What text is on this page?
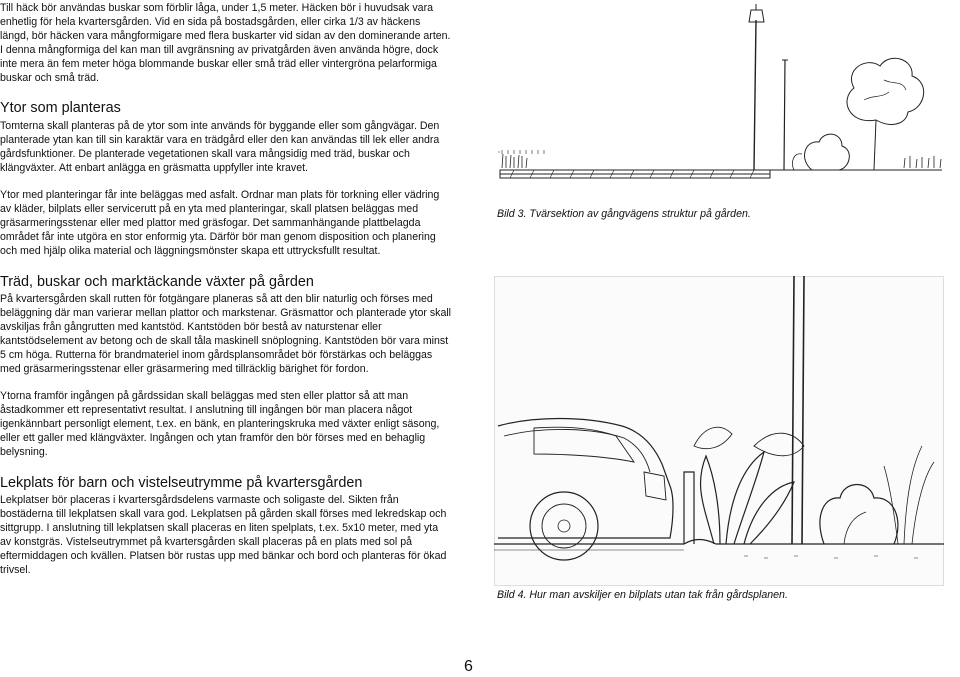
Till häck bör användas buskar som förblir låga, under 1,5 meter. Häcken bör i huvudsak vara enhetlig för hela kvartersgården. Vid en sida på bostadsgården, eller cirka 1/3 av häckens längd, bör häcken vara mångformigare med flera buskarter vid sidan av den dominerande arten. I denna mångformiga del kan man till avgränsning av privatgården även använda högre, dock inte mera än fem meter höga blommande buskar eller små träd eller vintergröna pelarformiga buskar och små träd.

Ytor som planteras

Tomterna skall planteras på de ytor som inte används för byggande eller som gångvägar. Den planterade ytan kan till sin karaktär vara en trädgård eller den kan användas till lek eller andra gårdsfunktioner. De planterade vegetationen skall vara mångsidig med träd, buskar och klängväxter. Att enbart anlägga en gräsmatta uppfyller inte kravet.

Ytor med planteringar får inte beläggas med asfalt. Ordnar man plats för torkning eller vädring av kläder, bilplats eller servicerutt på en yta med planteringar, skall platsen beläggas med gräsarmeringsstenar eller med plattor med gräsfogar. Det sammanhängande plattbelagda området får inte utgöra en stor enformig yta. Därför bör man genom disposition och planering och med hjälp olika material och läggningsmönster skapa ett uttrycksfullt resultat.

Träd, buskar och marktäckande växter på gården

På kvartersgården skall rutten för fotgängare planeras så att den blir naturlig och förses med beläggning där man varierar mellan plattor och markstenar. Gräsmattor och planterade ytor skall avskiljas från gångrutten med kantstöd. Kantstöden bör bestå av naturstenar eller kantstödselement av betong och de skall tåla maskinell snöplogning. Kantstöden bör vara minst 5 cm höga. Rutterna för brandmateriel inom gårdsplansområdet bör förstärkas och beläggas med gräsarmeringsstenar eller gräsarmering med tillräcklig bärighet för fordon.

Ytorna framför ingången på gårdssidan skall beläggas med sten eller plattor så att man åstadkommer ett representativt resultat. I anslutning till ingången bör man placera något igenkännbart personligt element, t.ex. en bänk, en planteringskruka med växter enligt säsong, eller ett galler med klängväxter. Ingången och ytan framför den bör förses med en behaglig belysning.

Lekplats för barn och vistelseutrymme på kvartersgården

Lekplatser bör placeras i kvartersgårdsdelens varmaste och soligaste del. Sikten från bostäderna till lekplatsen skall vara god. Lekplatsen på gården skall förses med lekredskap och sittgrupp. I anslutning till lekplatsen skall placeras en liten spelplats, t.ex. 5x10 meter, med yta av konstgräs. Vistelseutrymmet på kvartersgården skall placeras på en plats med sol på eftermiddagen och kvällen. Platsen bör rustas upp med bänkar och bord och planteras för ökad trivsel.

Bild 3. Tvärsektion av gångvägens struktur på gården.
Bild 4. Hur man avskiljer en bilplats utan tak från gårdsplanen.
6
